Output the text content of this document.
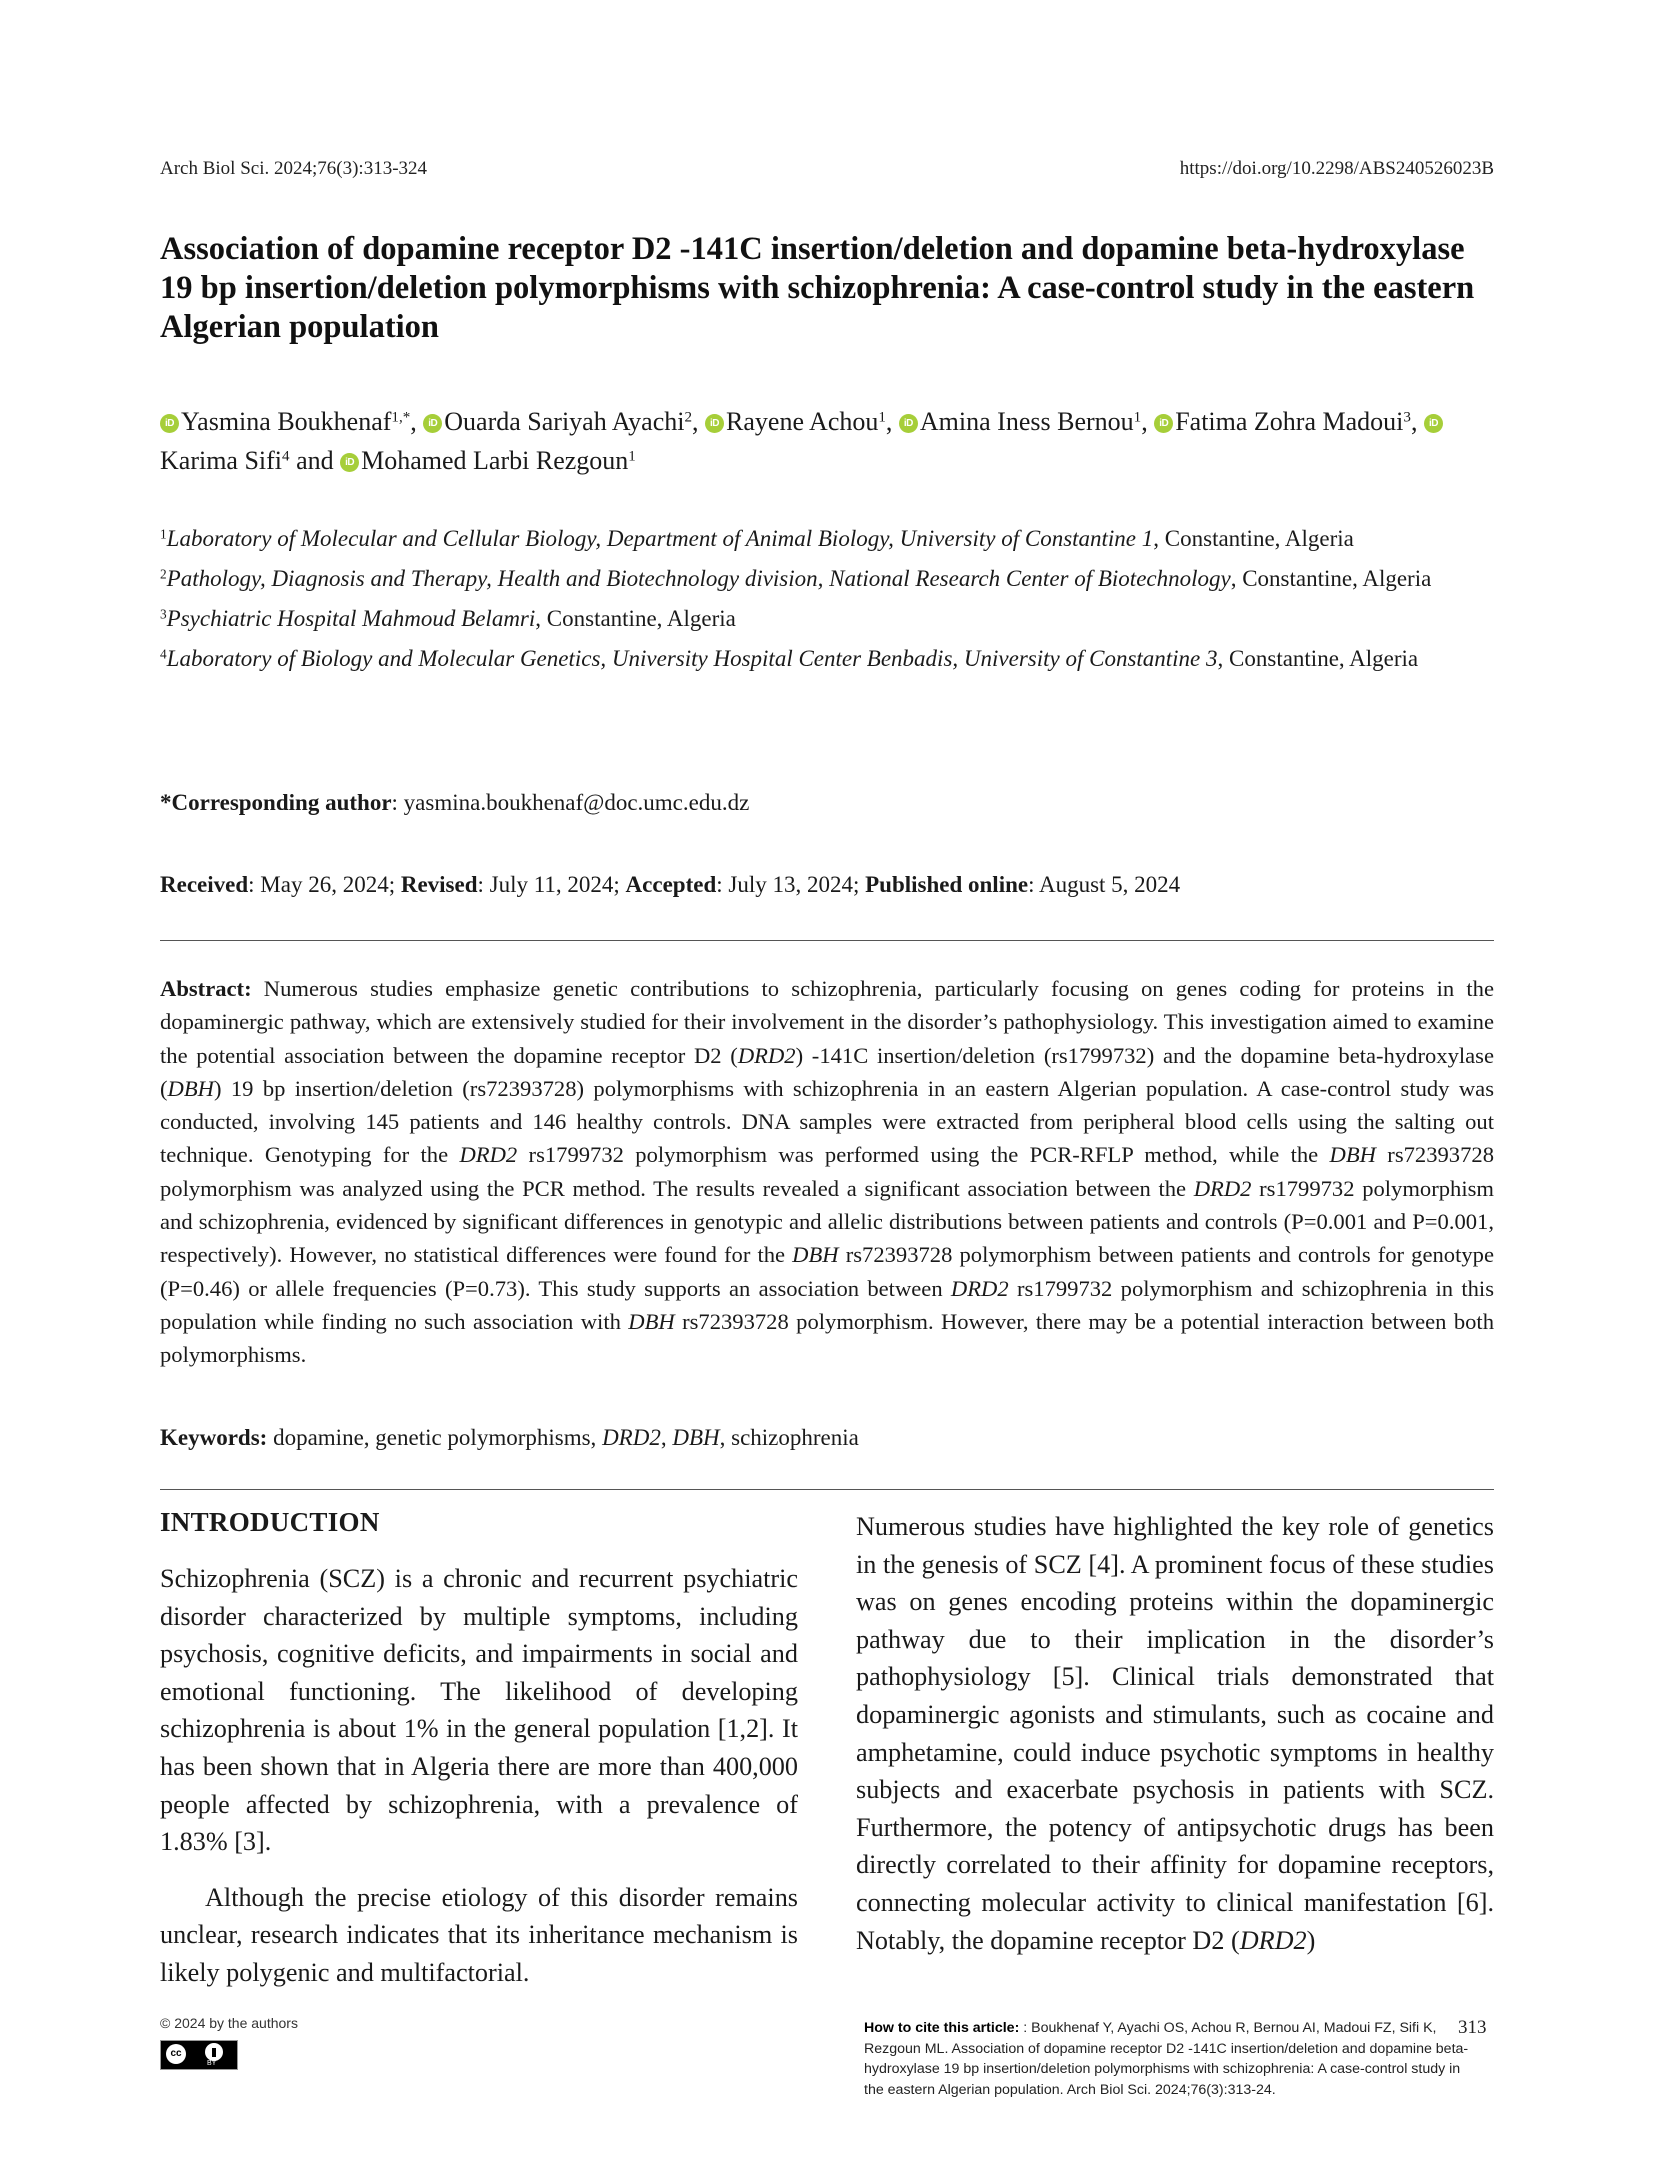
Arch Biol Sci. 2024;76(3):313-324	https://doi.org/10.2298/ABS240526023B
Association of dopamine receptor D2 -141C insertion/deletion and dopamine beta-hydroxylase 19 bp insertion/deletion polymorphisms with schizophrenia: A case-control study in the eastern Algerian population
iD Yasmina Boukhenaf$^{1,*}$, iD Ouarda Sariyah Ayachi$^2$, iD Rayene Achou$^1$, iD Amina Iness Bernou$^1$, iD Fatima Zohra Madoui$^3$, iDKarima Sifi$^4$ and iD Mohamed Larbi Rezgoun$^1$

$^1$Laboratory of Molecular and Cellular Biology, Department of Animal Biology, University of Constantine 1, Constantine, Algeria

$^2$Pathology, Diagnosis and Therapy, Health and Biotechnology division, National Research Center of Biotechnology, Constantine, Algeria

$^3$Psychiatric Hospital Mahmoud Belamri, Constantine, Algeria

$^4$Laboratory of Biology and Molecular Genetics, University Hospital Center Benbadis, University of Constantine 3, Constantine, Algeria

*Corresponding author: yasmina.boukhenaf@doc.umc.edu.dz
Received: May 26, 2024; Revised: July 11, 2024; Accepted: July 13, 2024; Published online: August 5, 2024

Abstract: Numerous studies emphasize genetic contributions to schizophrenia, particularly focusing on genes coding for proteins in the dopaminergic pathway, which are extensively studied for their involvement in the disorder’s pathophysiology. This investigation aimed to examine the potential association between the dopamine receptor D2 (DRD2) -141C insertion/deletion (rs1799732) and the dopamine beta-hydroxylase (DBH) 19 bp insertion/deletion (rs72393728) polymorphisms with schizophrenia in an eastern Algerian population. A case-control study was conducted, involving 145 patients and 146 healthy controls. DNA samples were extracted from peripheral blood cells using the salting out technique. Genotyping for the DRD2 rs1799732 polymorphism was performed using the PCR-RFLP method, while the DBH rs72393728 polymorphism was analyzed using the PCR method. The results revealed a significant association between the DRD2 rs1799732 polymorphism and schizophrenia, evidenced by significant differences in genotypic and allelic distributions between patients and controls (P=0.001 and P=0.001, respectively). However, no statistical differences were found for the DBH rs72393728 polymorphism between patients and controls for genotype (P=0.46) or allele frequencies (P=0.73). This study supports an association between DRD2 rs1799732 polymorphism and schizophrenia in this population while finding no such association with DBH rs72393728 polymorphism. However, there may be a potential interaction between both polymorphisms.

Keywords: dopamine, genetic polymorphisms, DRD2, DBH, schizophrenia
INTRODUCTION

Schizophrenia (SCZ) is a chronic and recurrent psychiatric disorder characterized by multiple symptoms, including psychosis, cognitive deficits, and impairments in social and emotional functioning. The likelihood of developing schizophrenia is about 1% in the general population [1,2]. It has been shown that in Algeria there are more than 400,000 people affected by schizophrenia, with a prevalence of 1.83% [3].

Although the precise etiology of this disorder remains unclear, research indicates that its inheritance mechanism is likely polygenic and multifactorial.

Numerous studies have highlighted the key role of genetics in the genesis of SCZ [4]. A prominent focus of these studies was on genes encoding proteins within the dopaminergic pathway due to their implication in the disorder’s pathophysiology [5]. Clinical trials demonstrated that dopaminergic agonists and stimulants, such as cocaine and amphetamine, could induce psychotic symptoms in healthy subjects and exacerbate psychosis in patients with SCZ. Furthermore, the potency of antipsychotic drugs has been directly correlated to their affinity for dopamine receptors, connecting molecular activity to clinical manifestation [6]. Notably, the dopamine receptor D2 (DRD2)

© 2024 by the authors
cc
BY
How to cite this article: : Boukhenaf Y, Ayachi OS, Achou R, Bernou AI, Madoui FZ, Sifi K, Rezgoun ML. Association of dopamine receptor D2 -141C insertion/deletion and dopamine beta-hydroxylase 19 bp insertion/deletion polymorphisms with schizophrenia: A case-control study in the eastern Algerian population. Arch Biol Sci. 2024;76(3):313-24.
313
